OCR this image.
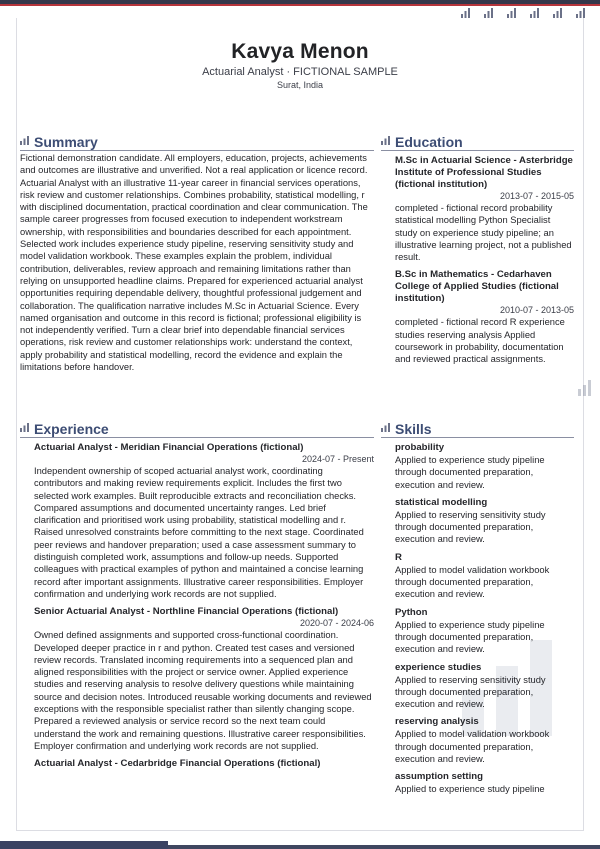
Kavya Menon
Actuarial Analyst · FICTIONAL SAMPLE
Surat, India
Summary
Fictional demonstration candidate. All employers, education, projects, achievements and outcomes are illustrative and unverified. Not a real application or licence record. Actuarial Analyst with an illustrative 11-year career in financial services operations, risk review and customer relationships. Combines probability, statistical modelling, r with disciplined documentation, practical coordination and clear communication. The sample career progresses from focused execution to independent workstream ownership, with responsibilities and boundaries described for each appointment. Selected work includes experience study pipeline, reserving sensitivity study and model validation workbook. These examples explain the problem, individual contribution, deliverables, review approach and remaining limitations rather than relying on unsupported headline claims. Prepared for experienced actuarial analyst opportunities requiring dependable delivery, thoughtful professional judgement and collaboration. The qualification narrative includes M.Sc in Actuarial Science. Every named organisation and outcome in this record is fictional; professional eligibility is not independently verified. Turn a clear brief into dependable financial services operations, risk review and customer relationships work: understand the context, apply probability and statistical modelling, record the evidence and explain the limitations before handover.
Education
M.Sc in Actuarial Science - Asterbridge Institute of Professional Studies (fictional institution)
2013-07 - 2015-05
completed - fictional record probability statistical modelling Python Specialist study on experience study pipeline; an illustrative learning project, not a published result.
B.Sc in Mathematics - Cedarhaven College of Applied Studies (fictional institution)
2010-07 - 2013-05
completed - fictional record R experience studies reserving analysis Applied coursework in probability, documentation and reviewed practical assignments.
Experience
Actuarial Analyst - Meridian Financial Operations (fictional)
2024-07 - Present
Independent ownership of scoped actuarial analyst work, coordinating contributors and making review requirements explicit. Includes the first two selected work examples. Built reproducible extracts and reconciliation checks. Compared assumptions and documented uncertainty ranges. Led brief clarification and prioritised work using probability, statistical modelling and r. Raised unresolved constraints before committing to the next stage. Coordinated peer reviews and handover preparation; used a case assessment summary to distinguish completed work, assumptions and follow-up needs. Supported colleagues with practical examples of python and maintained a concise learning record after important assignments. Illustrative career responsibilities. Employer confirmation and underlying work records are not supplied.
Senior Actuarial Analyst - Northline Financial Operations (fictional)
2020-07 - 2024-06
Owned defined assignments and supported cross-functional coordination. Developed deeper practice in r and python. Created test cases and versioned review records. Translated incoming requirements into a sequenced plan and aligned responsibilities with the project or service owner. Applied experience studies and reserving analysis to resolve delivery questions while maintaining source and decision notes. Introduced reusable working documents and reviewed exceptions with the responsible specialist rather than silently changing scope. Prepared a reviewed analysis or service record so the next team could understand the work and remaining questions. Illustrative career responsibilities. Employer confirmation and underlying work records are not supplied.
Actuarial Analyst - Cedarbridge Financial Operations (fictional)
Skills
probability
Applied to experience study pipeline through documented preparation, execution and review.
statistical modelling
Applied to reserving sensitivity study through documented preparation, execution and review.
R
Applied to model validation workbook through documented preparation, execution and review.
Python
Applied to experience study pipeline through documented preparation, execution and review.
experience studies
Applied to reserving sensitivity study through documented preparation, execution and review.
reserving analysis
Applied to model validation workbook through documented preparation, execution and review.
assumption setting
Applied to experience study pipeline
